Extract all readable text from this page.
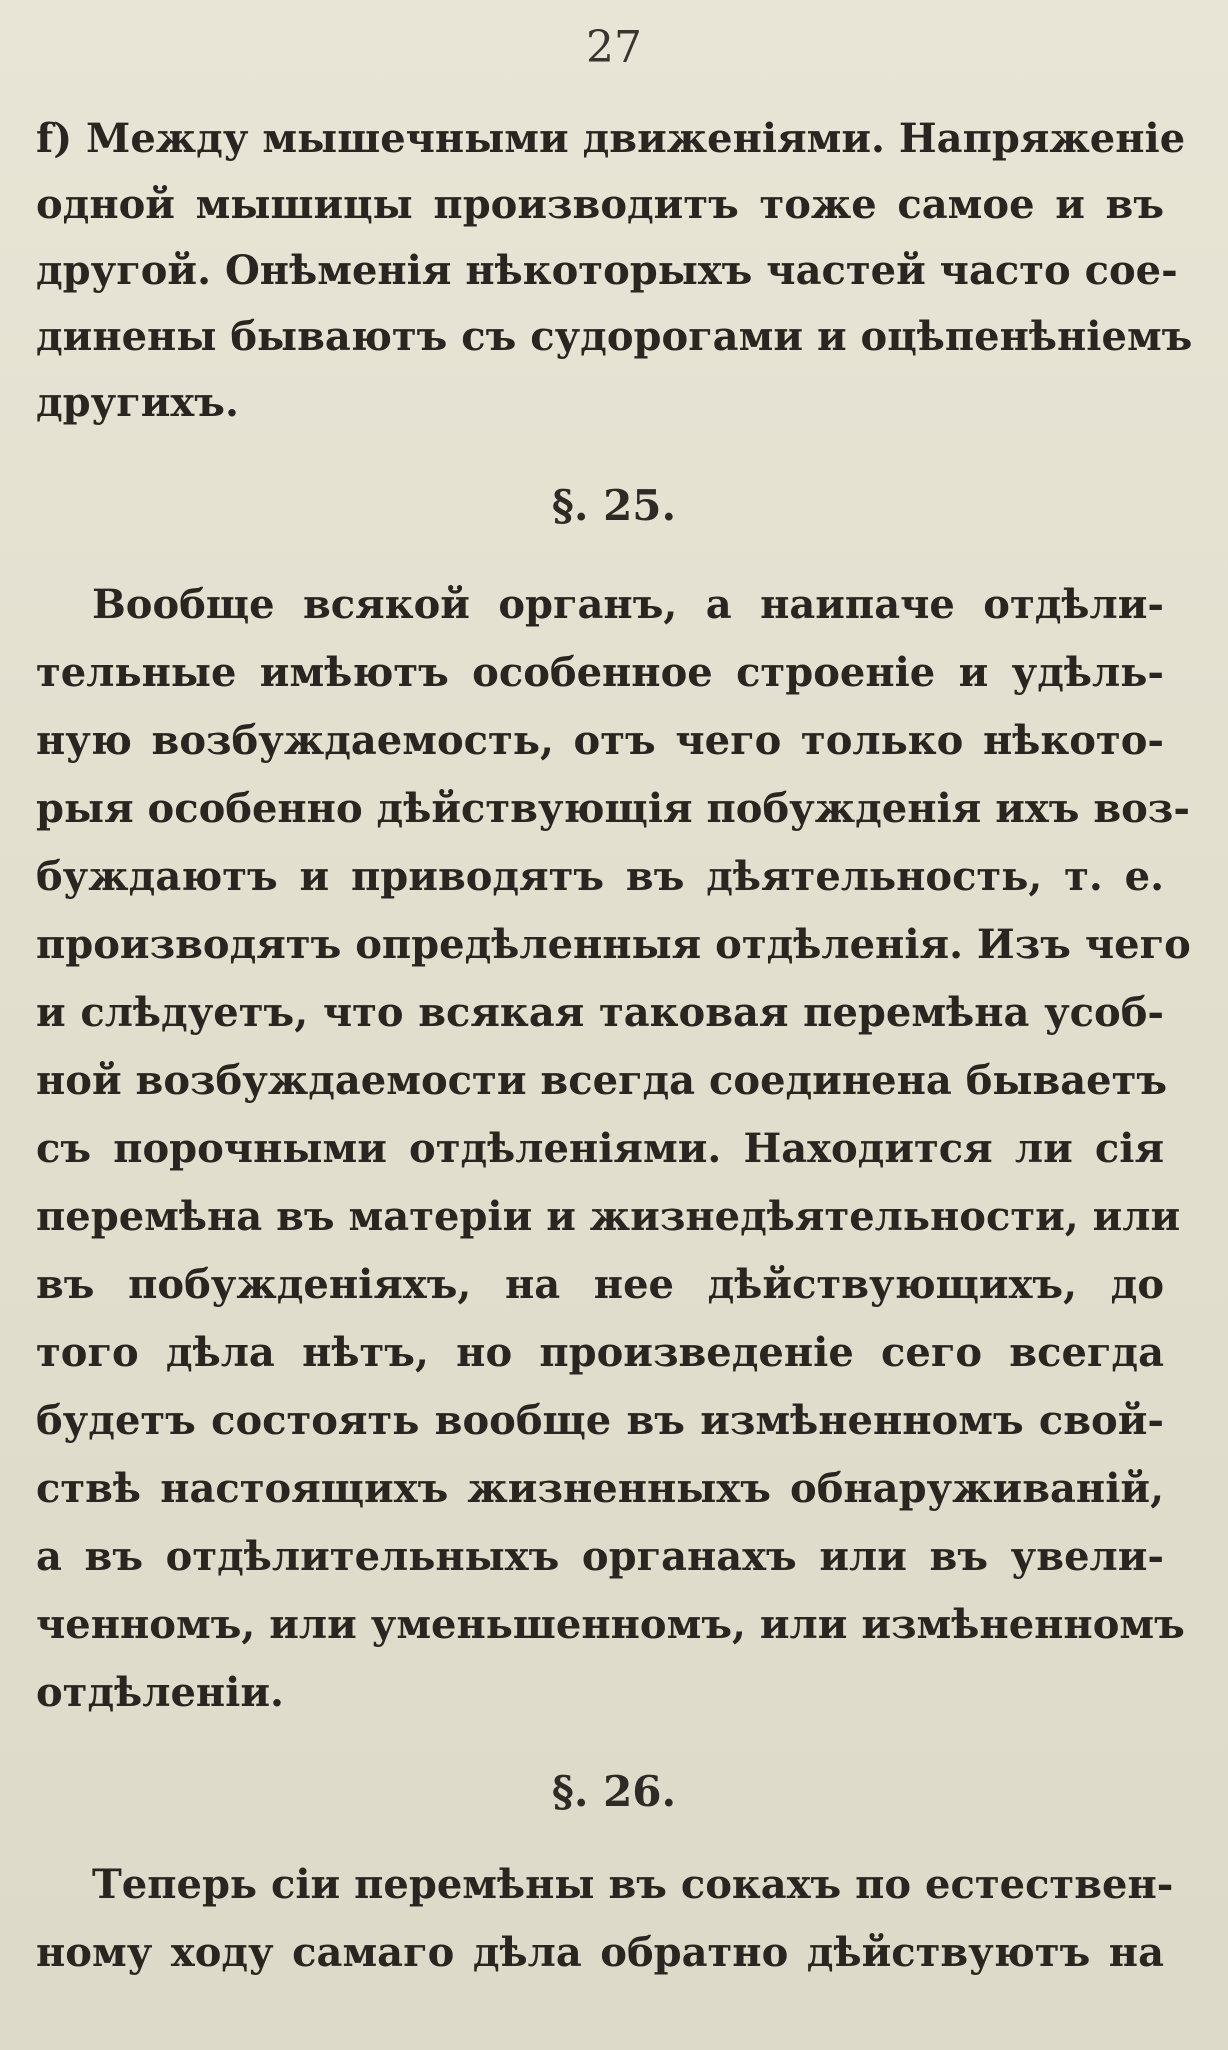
27
f) Между мышечными движеніями. Напряженіе
одной мышицы производитъ тоже самое и въ
другой. Онѣменія нѣкоторыхъ частей часто сое-
динены бываютъ съ судорогами и оцѣпенѣніемъ
другихъ.
§. 25.
Вообще всякой органъ, а наипаче отдѣли-
тельные имѣютъ особенное строеніе и удѣль-
ную возбуждаемость, отъ чего только нѣкото-
рыя особенно дѣйствующія побужденія ихъ воз-
буждаютъ и приводятъ въ дѣятельность, т. е.
производятъ опредѣленныя отдѣленія. Изъ чего
и слѣдуетъ, что всякая таковая перемѣна усоб-
ной возбуждаемости всегда соединена бываетъ
съ порочными отдѣленіями. Находится ли сія
перемѣна въ матеріи и жизнедѣятельности, или
въ побужденіяхъ, на нее дѣйствующихъ, до
того дѣла нѣтъ, но произведеніе сего всегда
будетъ состоять вообще въ измѣненномъ свой-
ствѣ настоящихъ жизненныхъ обнаруживаній,
а въ отдѣлительныхъ органахъ или въ увели-
ченномъ, или уменьшенномъ, или измѣненномъ
отдѣленіи.
§. 26.
Теперь сіи перемѣны въ сокахъ по естествен-
ному ходу самаго дѣла обратно дѣйствуютъ на
